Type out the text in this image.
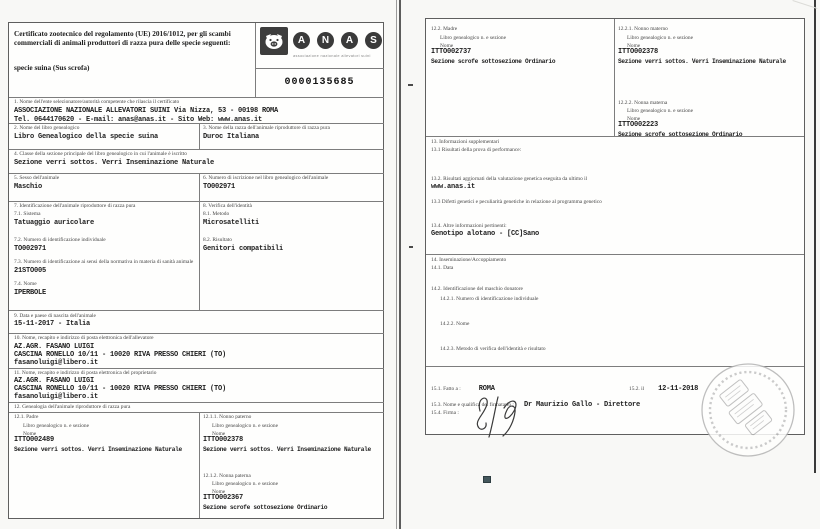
Certificato zootecnico del regolamento (UE) 2016/1012, per gli scambi commerciali di animali produttori di razza pura delle specie seguenti:
specie suina (Sus scrofa)
A	N	A	S
associazione nazionale allevatori suini
0000135685
1. Nome dell'ente selezionatore/autorità competente che rilascia il certificato
ASSOCIAZIONE NAZIONALE ALLEVATORI SUINI Via Nizza, 53 - 00198 ROMA
Tel. 0644170620 - E-mail: anas@anas.it - Sito Web: www.anas.it
2. Nome del libro genealogico
Libro Genealogico della specie suina
3. Nome della razza dell'animale riproduttore di razza pura
Duroc Italiana
4. Classe della sezione principale del libro genealogico in cui l'animale è iscritto
Sezione verri sottos. Verri Inseminazione Naturale
5. Sesso dell'animale
Maschio
6. Numero di iscrizione nel libro genealogico dell'animale
TO002971
7. Identificazione dell'animale riproduttore di razza pura
7.1. Sistema
Tatuaggio auricolare
7.2. Numero di identificazione individuale
TO002971
7.3. Numero di identificazione ai sensi della normativa in materia di sanità animale
21STO005
7.4. Nome
IPERBOLE
8. Verifica dell'identità
8.1. Metodo
Microsatelliti
8.2. Risultato
Genitori compatibili
9. Data e paese di nascita dell'animale
15-11-2017 - Italia
10. Nome, recapito e indirizzo di posta elettronica dell'allevatore
AZ.AGR. FASANO LUIGI
CASCINA RONELLO 10/11 - 10020 RIVA PRESSO CHIERI (TO)
fasanoluigi@libero.it
11. Nome, recapito e indirizzo di posta elettronica del proprietario
AZ.AGR. FASANO LUIGI
CASCINA RONELLO 10/11 - 10020 RIVA PRESSO CHIERI (TO)
fasanoluigi@libero.it
12. Genealogia dell'animale riproduttore di razza pura
12.1. Padre
Libro genealogico n. e sezione
Nome
ITTO002489
Sezione verri sottos. Verri Inseminazione Naturale
12.1.1. Nonno paterno
Libro genealogico n. e sezione
Nome
ITTO002378
Sezione verri sottos. Verri Inseminazione Naturale
12.1.2. Nonna paterna
Libro genealogico n. e sezione
Nome
ITTO002367
Sezione scrofe sottosezione Ordinario
12.2. Madre
Libro genealogico n. e sezione
Nome
ITTO002737
Sezione scrofe sottosezione Ordinario
12.2.1. Nonno materno
Libro genealogico n. e sezione
Nome
ITTO002378
Sezione verri sottos. Verri Inseminazione Naturale
12.2.2. Nonna materna
Libro genealogico n. e sezione
Nome
ITTO002223
Sezione scrofe sottosezione Ordinario
13. Informazioni supplementari
13.1 Risultati della prova di performance:
13.2. Risultati aggiornati della valutazione genetica eseguita da ultimo il
www.anas.it
13.3 Difetti genetici e peculiarità genetiche in relazione al programma genetico
13.4. Altre informazioni pertinenti:
Genotipo alotano - [CC]Sano
14. Inseminazione/Accoppiamento
14.1. Data
14.2. Identificazione del maschio donatore
14.2.1. Numero di identificazione individuale
14.2.2. Nome
14.2.3. Metodo di verifica dell'identità e risultato
15.1. Fatto a :	ROMA	15.2. il 12-11-2018
15.3. Nome e qualifica del firmatario : Dr Maurizio Gallo - Direttore
15.4. Firma :
